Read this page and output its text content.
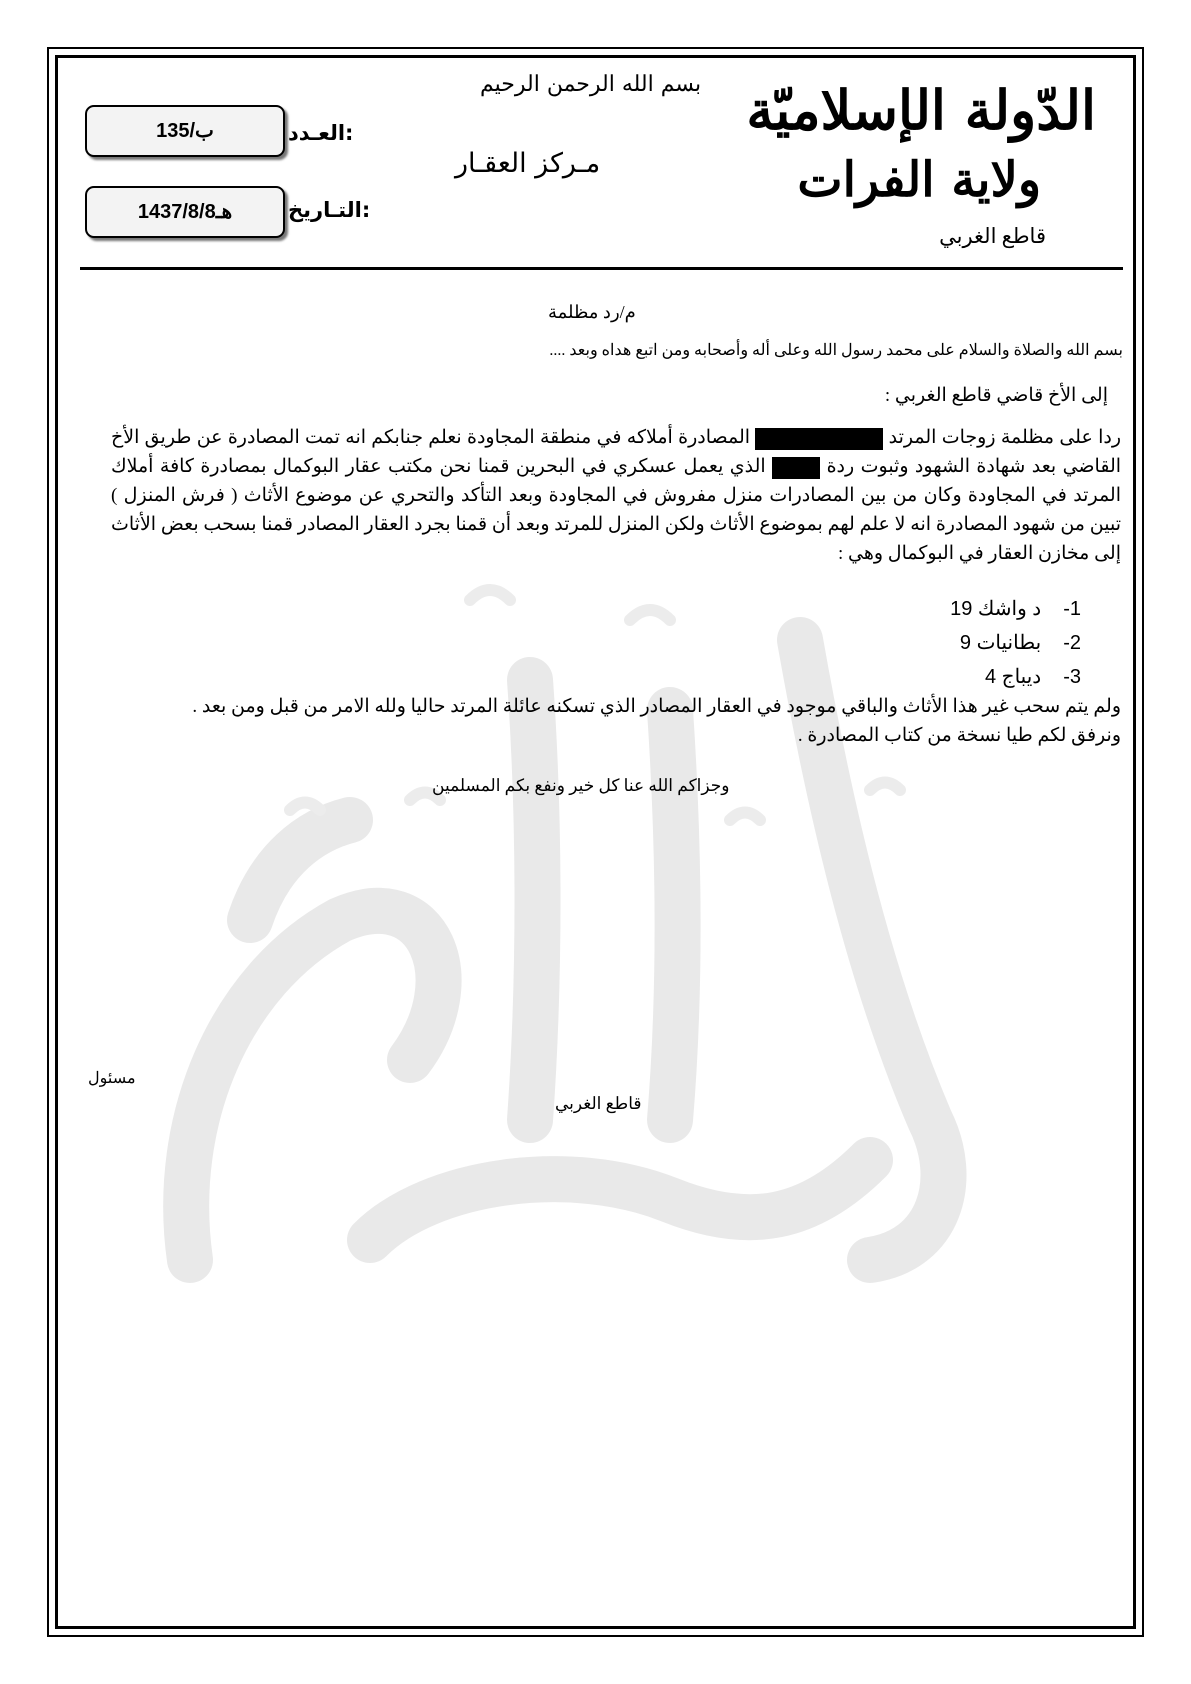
بسم الله الرحمن الرحيم
مـركز العقـار
الدّولة الإسلاميّة
ولاية الفرات
قاطع الغربي
ب/135	العـدد:
1437/8/8هـ	التـاريخ:
م/رد مظلمة
بسم الله والصلاة والسلام على محمد رسول الله وعلى أله وأصحابه ومن اتبع هداه وبعد ....
إلى الأخ قاضي قاطع الغربي :
ردا على مظلمة زوجات المرتد  المصادرة أملاكه في منطقة المجاودة نعلم جنابكم انه تمت المصادرة عن طريق الأخ القاضي بعد شهادة الشهود وثبوت ردة  الذي يعمل عسكري في البحرين قمنا نحن مكتب عقار البوكمال بمصادرة كافة أملاك المرتد في المجاودة وكان من بين المصادرات منزل مفروش في المجاودة وبعد التأكد والتحري عن موضوع الأثاث ( فرش المنزل ) تبين من شهود المصادرة انه لا علم لهم بموضوع الأثاث ولكن المنزل للمرتد وبعد أن قمنا بجرد العقار المصادر قمنا بسحب بعض الأثاث إلى مخازن العقار في البوكمال وهي :
1-
د واشك 19
2-
بطانيات 9
3-
ديباج 4
ولم يتم سحب غير هذا الأثاث والباقي موجود في العقار المصادر الذي تسكنه عائلة المرتد حاليا ولله الامر من قبل ومن بعد .
ونرفق لكم طيا نسخة من كتاب المصادرة .
وجزاكم الله عنا كل خير ونفع بكم المسلمين
مسئول
قاطع الغربي
